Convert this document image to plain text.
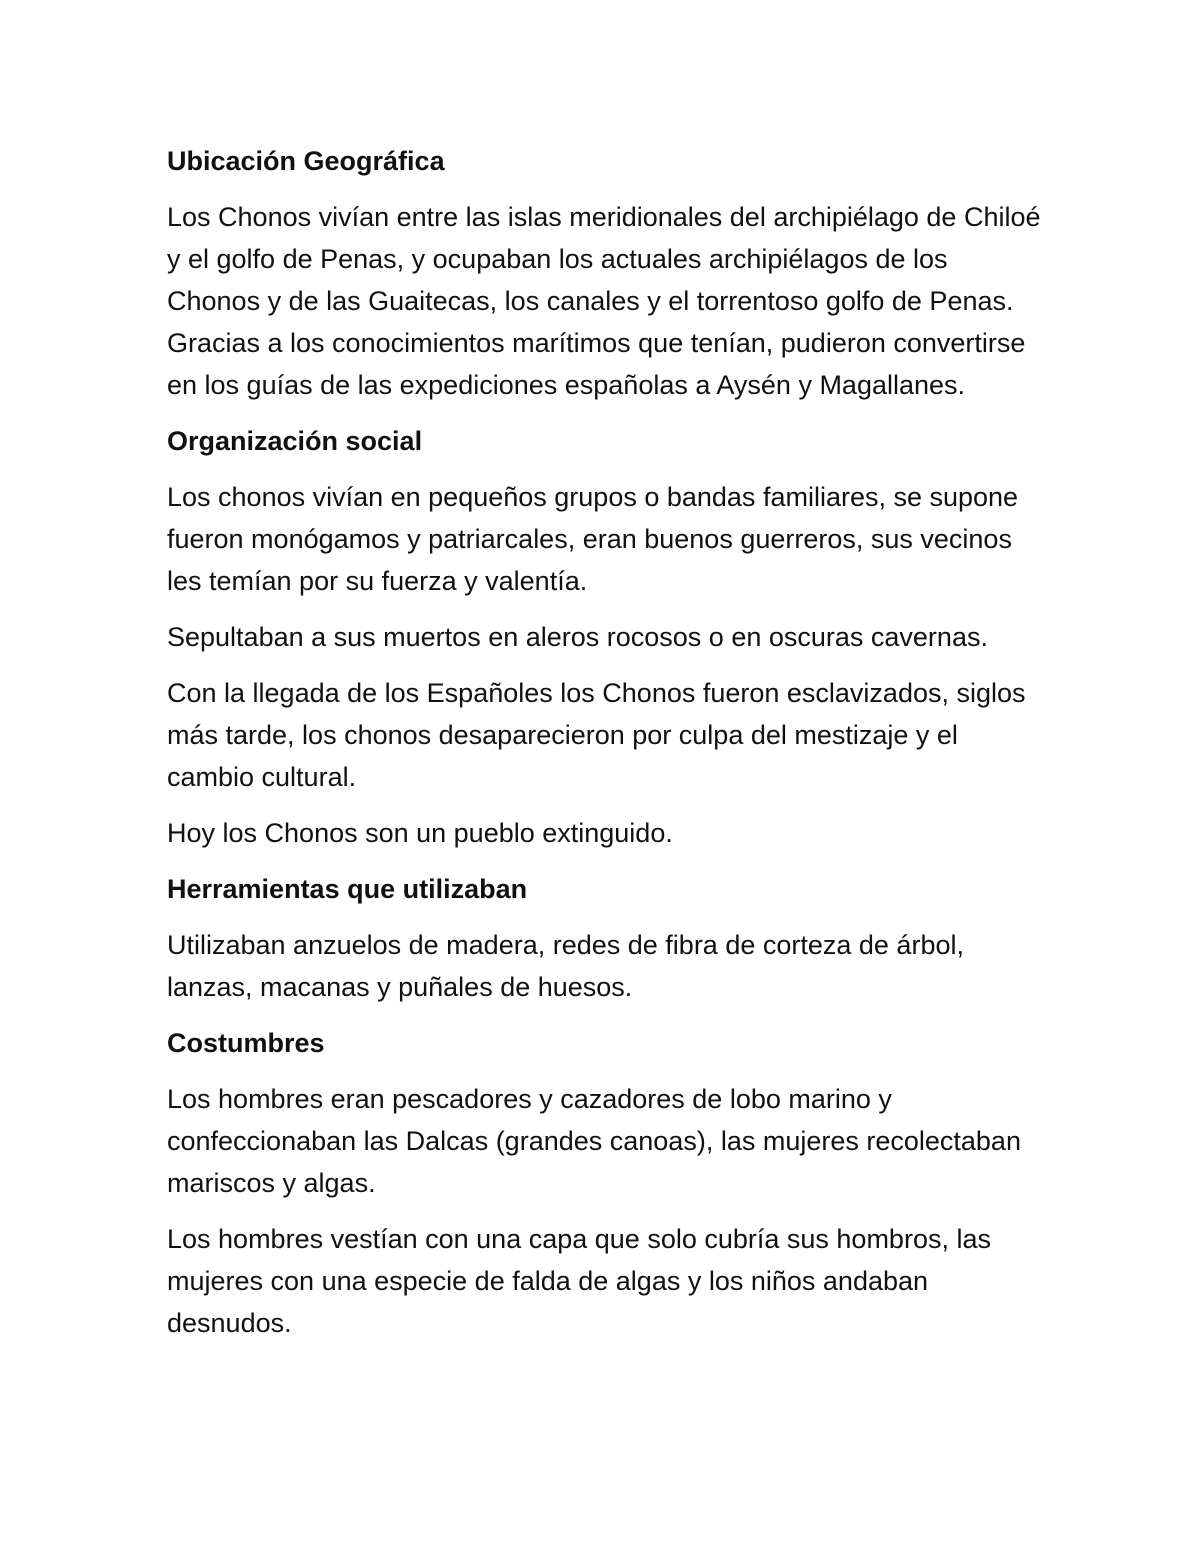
Ubicación Geográfica
Los Chonos vivían entre las islas meridionales del archipiélago de Chiloé y el golfo de Penas, y ocupaban los actuales archipiélagos de los Chonos y de las Guaitecas, los canales y el torrentoso golfo de Penas. Gracias a los conocimientos marítimos que tenían, pudieron convertirse en los guías de las expediciones españolas a Aysén y Magallanes.
Organización social
Los chonos vivían en pequeños grupos o bandas familiares, se supone fueron monógamos y patriarcales, eran buenos guerreros, sus vecinos les temían por su fuerza y valentía.
Sepultaban a sus muertos en aleros rocosos o en oscuras cavernas.
Con la llegada de los Españoles los Chonos fueron esclavizados, siglos más tarde, los chonos desaparecieron por culpa del mestizaje y el cambio cultural.
Hoy los Chonos son un pueblo extinguido.
Herramientas que utilizaban
Utilizaban anzuelos de madera, redes de fibra de corteza de árbol, lanzas, macanas y puñales de huesos.
Costumbres
Los hombres eran pescadores y cazadores de lobo marino y confeccionaban las Dalcas (grandes canoas), las mujeres recolectaban mariscos y algas.
Los hombres vestían con una capa que solo cubría sus hombros, las mujeres con una especie de falda de algas y los niños andaban desnudos.
